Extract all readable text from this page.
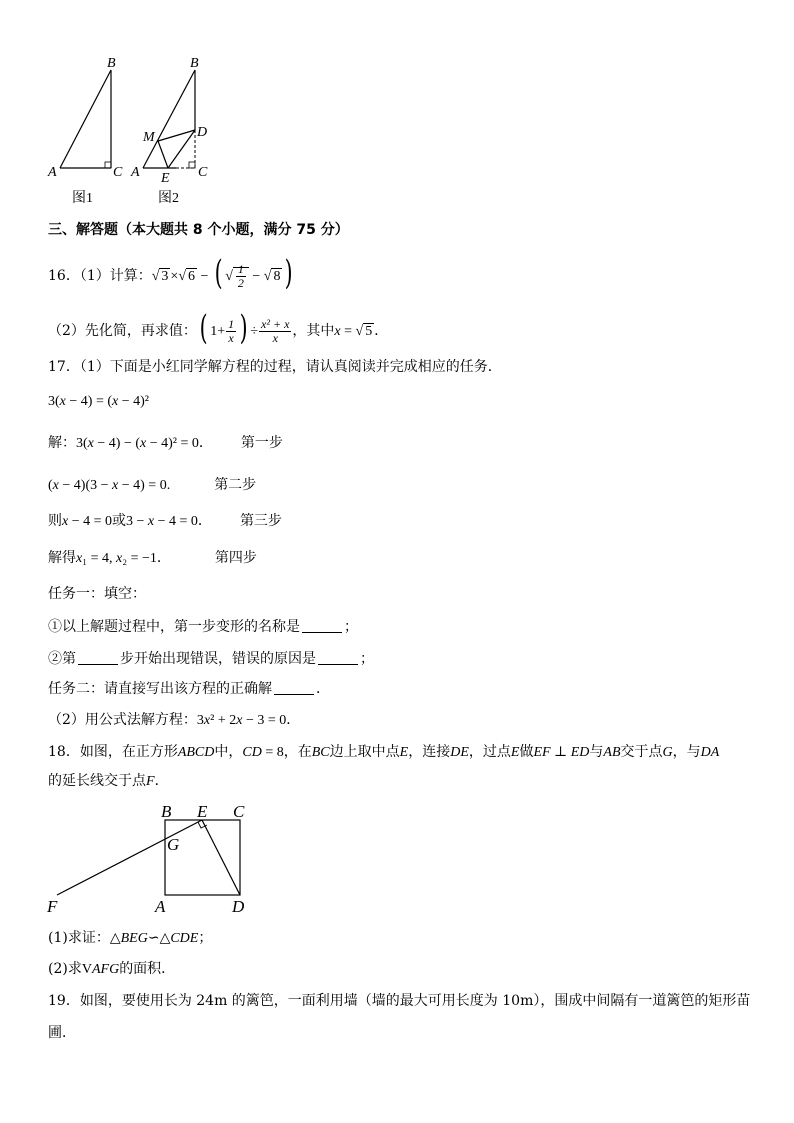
B
A	C
图1
B
M	D
A E C
图2
三、解答题（本大题共 8 个小题，满分 75 分）
16．（1）计算：√ 3 ×√ 6 − ( √ $\frac{1}{2}$ − √ 8 )
（2）先化简，再求值：( $1+ \frac{1}{x}$ ) ÷ $\frac{\text{x² + x}}{x}$ ，其中x = √ 5 ．
17．（1）下面是小红同学解方程的过程，请认真阅读并完成相应的任务．
3(x − 4) = (x − 4)²
解：3(x − 4) − (x − 4)² = 0． 第一步
(x − 4)(3 − x − 4) = 0.	第二步
则x − 4 = 0或3 − x − 4 = 0． 第三步
解得x₁ = 4, x₂ = −1．	第四步
任务一：填空：
①以上解题过程中，第一步变形的名称是	；
②第	步开始出现错误，错误的原因是	；
任务二：请直接写出该方程的正确解	．
（2）用公式法解方程：3x² + 2x − 3 = 0．
18．如图，在正方形ABCD中，CD = 8，在BC边上取中点E，连接DE，过点E做EF ⊥ ED与AB交于点G，与DA
的延长线交于点F．
B E C
G
F	A	D
(1)求证：△BEG∽△CDE；
(2)求VAFG的面积．
19．如图，要使用长为 24m 的篱笆，一面利用墙（墙的最大可用长度为 10m），围成中间隔有一道篱笆的矩形苗
圃．
